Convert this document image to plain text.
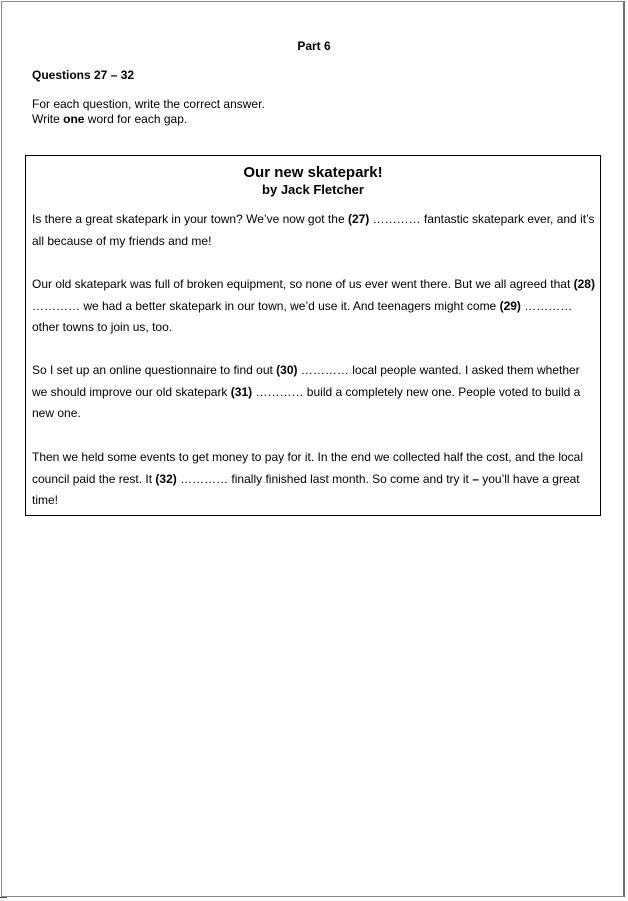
Part 6
Questions 27 – 32
For each question, write the correct answer.
Write one word for each gap.
Our new skatepark!
by Jack Fletcher
Is there a great skatepark in your town? We’ve now got the (27) ………… fantastic skatepark ever, and it’s all because of my friends and me!
Our old skatepark was full of broken equipment, so none of us ever went there. But we all agreed that (28) ………… we had a better skatepark in our town, we’d use it. And teenagers might come (29) ………… other towns to join us, too.
So I set up an online questionnaire to find out (30) ………… local people wanted. I asked them whether we should improve our old skatepark (31) ………… build a completely new one. People voted to build a new one.
Then we held some events to get money to pay for it. In the end we collected half the cost, and the local council paid the rest. It (32) ………… finally finished last month. So come and try it – you’ll have a great time!
